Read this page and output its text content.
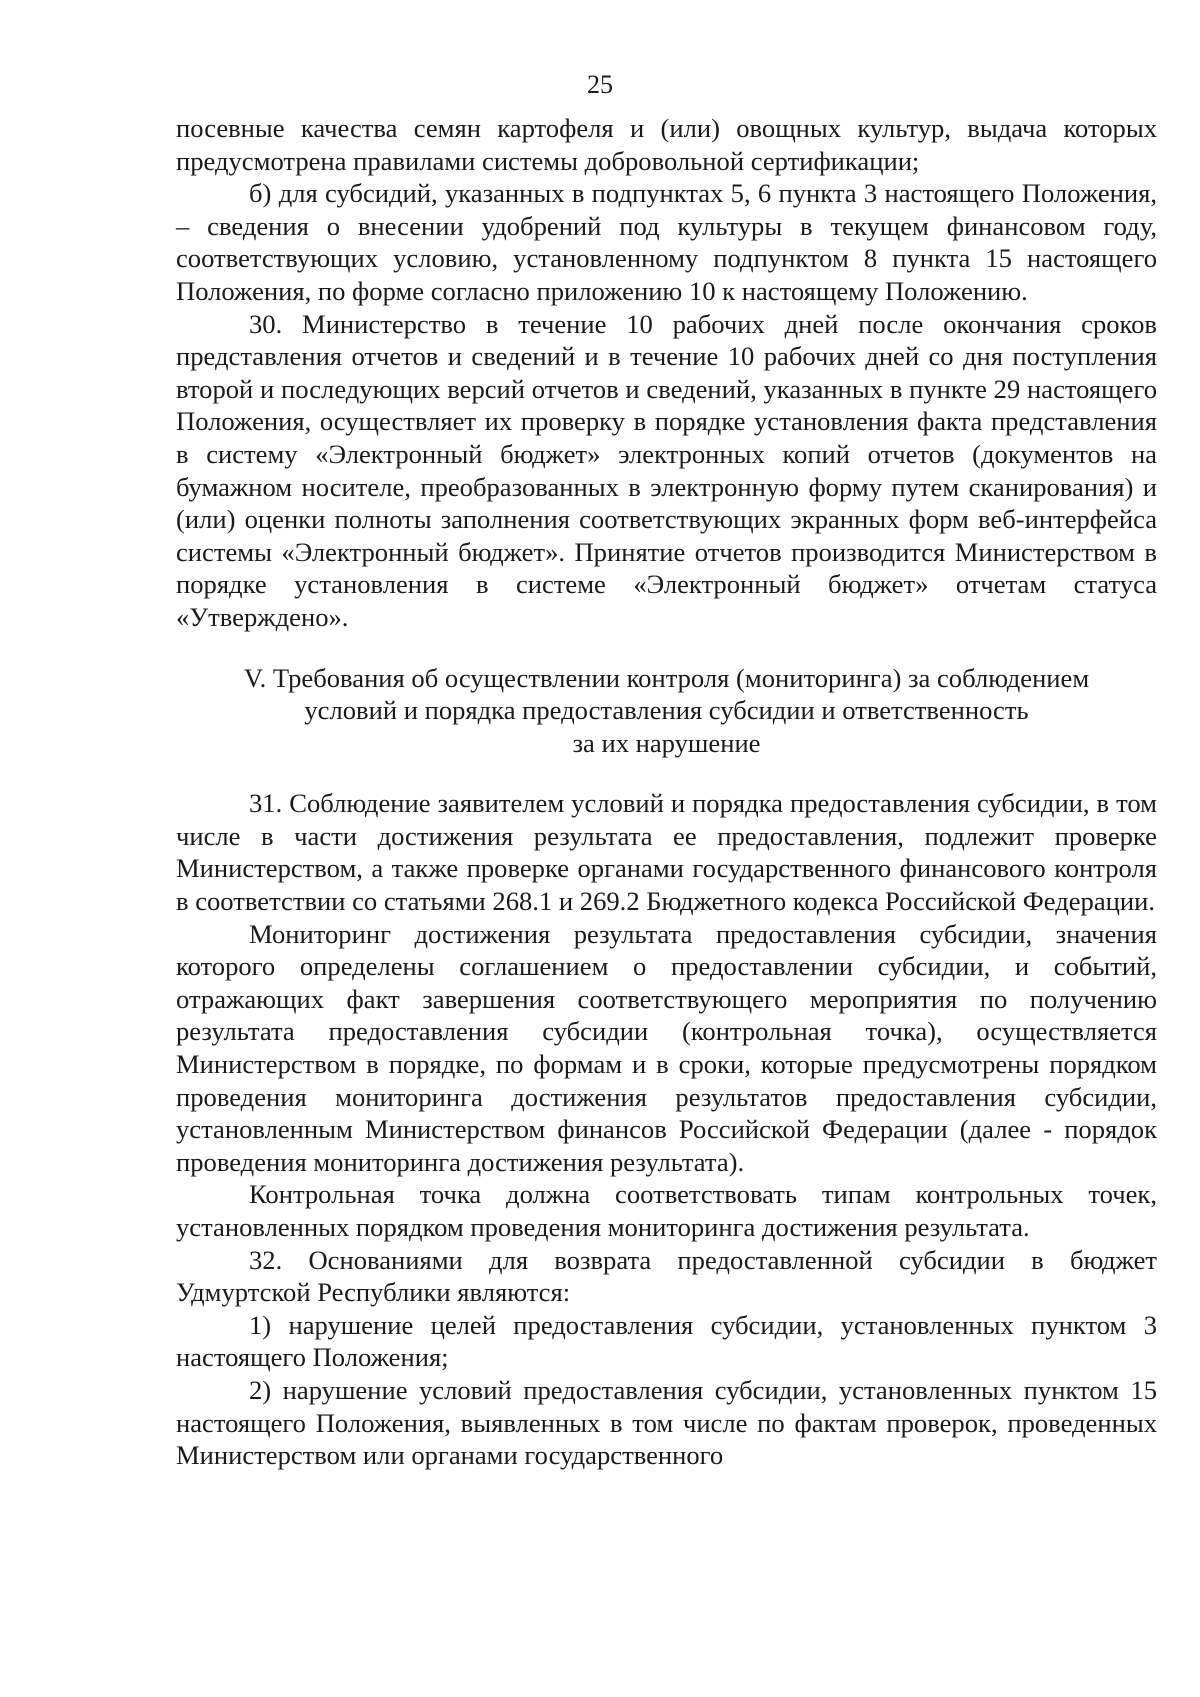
25

посевные качества семян картофеля и (или) овощных культур, выдача которых предусмотрена правилами системы добровольной сертификации;

б) для субсидий, указанных в подпунктах 5, 6 пункта 3 настоящего Положения, – сведения о внесении удобрений под культуры в текущем финансовом году, соответствующих условию, установленному подпунктом 8 пункта 15 настоящего Положения, по форме согласно приложению 10 к настоящему Положению.

30. Министерство в течение 10 рабочих дней после окончания сроков представления отчетов и сведений и в течение 10 рабочих дней со дня поступления второй и последующих версий отчетов и сведений, указанных в пункте 29 настоящего Положения, осуществляет их проверку в порядке установления факта представления в систему «Электронный бюджет» электронных копий отчетов (документов на бумажном носителе, преобразованных в электронную форму путем сканирования) и (или) оценки полноты заполнения соответствующих экранных форм веб-интерфейса системы «Электронный бюджет». Принятие отчетов производится Министерством в порядке установления в системе «Электронный бюджет» отчетам статуса «Утверждено».

V. Требования об осуществлении контроля (мониторинга) за соблюдением
условий и порядка предоставления субсидии и ответственность
за их нарушение

31. Соблюдение заявителем условий и порядка предоставления субсидии, в том числе в части достижения результата ее предоставления, подлежит проверке Министерством, а также проверке органами государственного финансового контроля в соответствии со статьями 268.1 и 269.2 Бюджетного кодекса Российской Федерации.

Мониторинг достижения результата предоставления субсидии, значения которого определены соглашением о предоставлении субсидии, и событий, отражающих факт завершения соответствующего мероприятия по получению результата предоставления субсидии (контрольная точка), осуществляется Министерством в порядке, по формам и в сроки, которые предусмотрены порядком проведения мониторинга достижения результатов предоставления субсидии, установленным Министерством финансов Российской Федерации (далее - порядок проведения мониторинга достижения результата).

Контрольная точка должна соответствовать типам контрольных точек, установленных порядком проведения мониторинга достижения результата.

32. Основаниями для возврата предоставленной субсидии в бюджет Удмуртской Республики являются:

1) нарушение целей предоставления субсидии, установленных пунктом 3 настоящего Положения;

2) нарушение условий предоставления субсидии, установленных пунктом 15 настоящего Положения, выявленных в том числе по фактам проверок, проведенных Министерством или органами государственного
